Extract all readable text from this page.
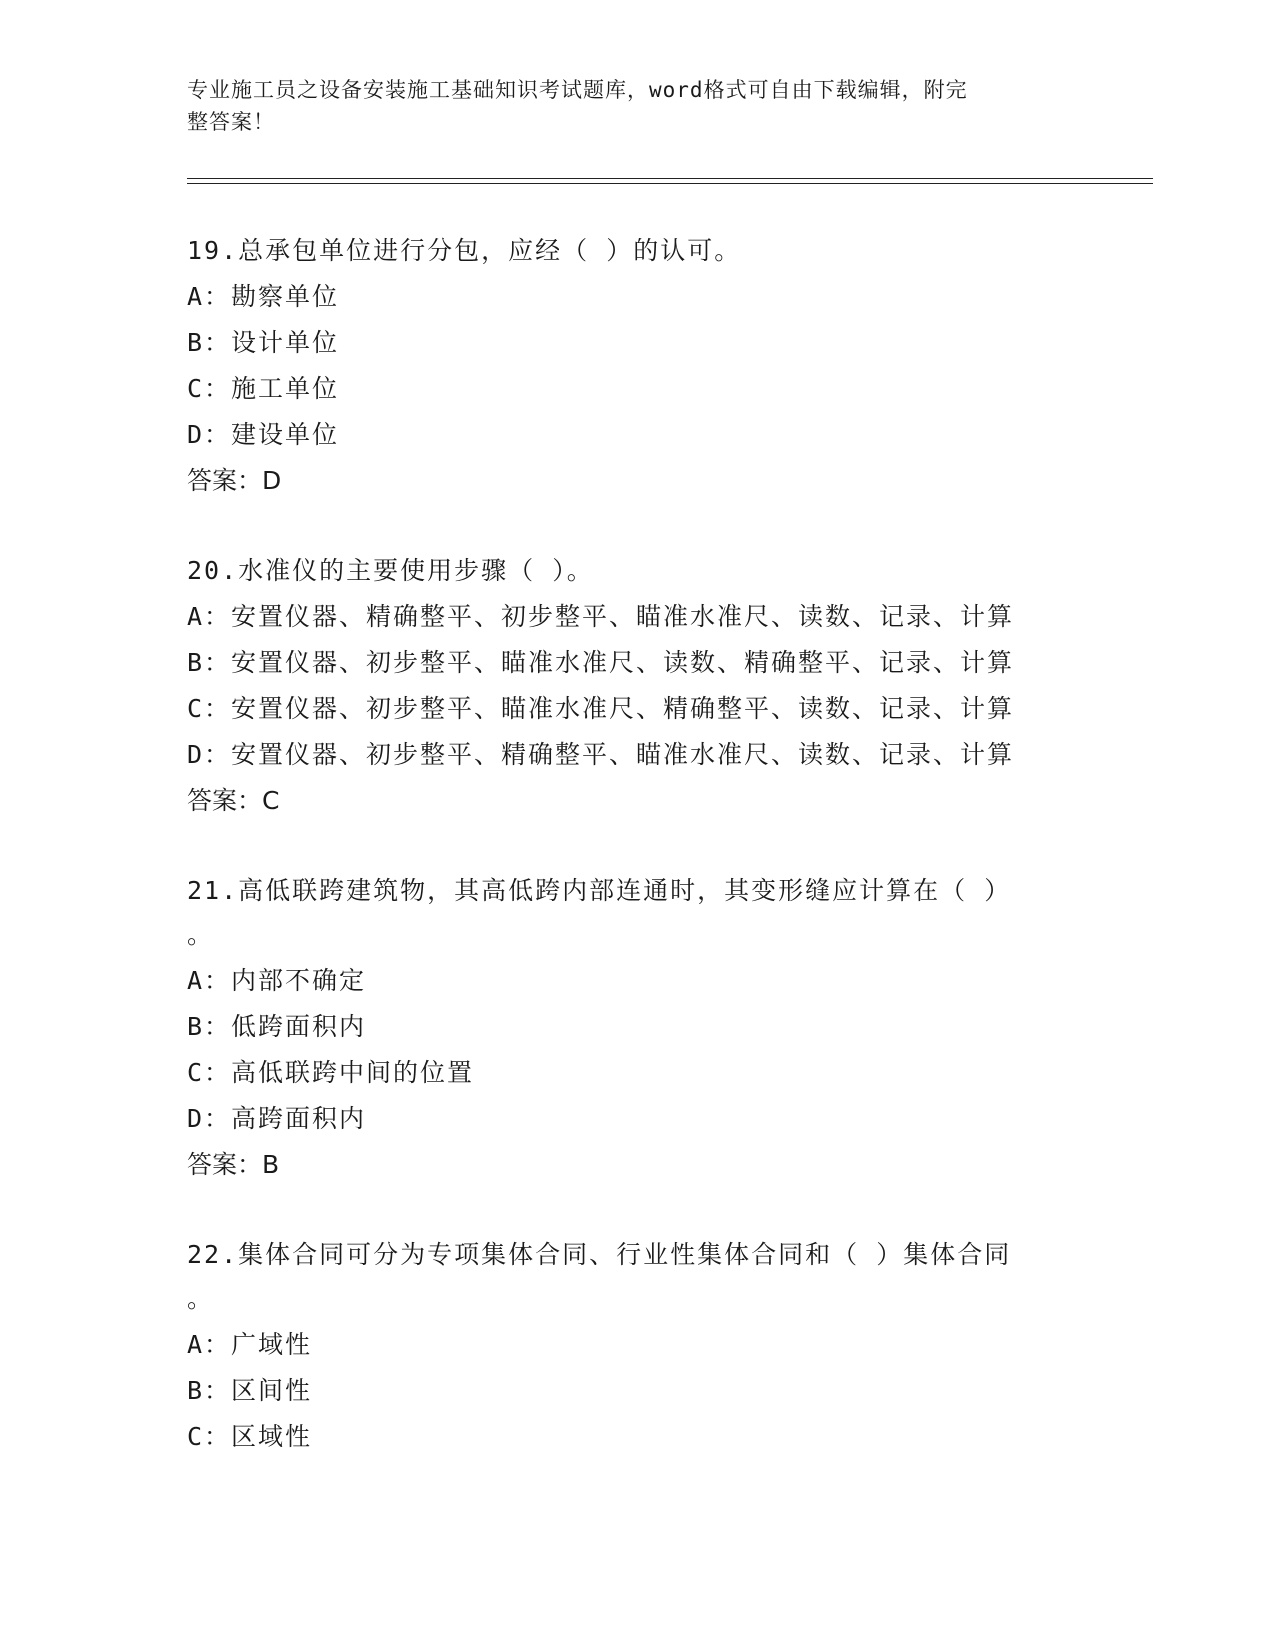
专业施工员之设备安装施工基础知识考试题库，word格式可自由下载编辑，附完
整答案！
19.总承包单位进行分包，应经（ ）的认可。
A：勘察单位
B：设计单位
C：施工单位
D：建设单位
答案：D
20.水准仪的主要使用步骤（ ）。
A：安置仪器、精确整平、初步整平、瞄准水准尺、读数、记录、计算
B：安置仪器、初步整平、瞄准水准尺、读数、精确整平、记录、计算
C：安置仪器、初步整平、瞄准水准尺、精确整平、读数、记录、计算
D：安置仪器、初步整平、精确整平、瞄准水准尺、读数、记录、计算
答案：C
21.高低联跨建筑物，其高低跨内部连通时，其变形缝应计算在（ ）
。
A：内部不确定
B：低跨面积内
C：高低联跨中间的位置
D：高跨面积内
答案：B
22.集体合同可分为专项集体合同、行业性集体合同和（ ）集体合同
。
A：广域性
B：区间性
C：区域性
